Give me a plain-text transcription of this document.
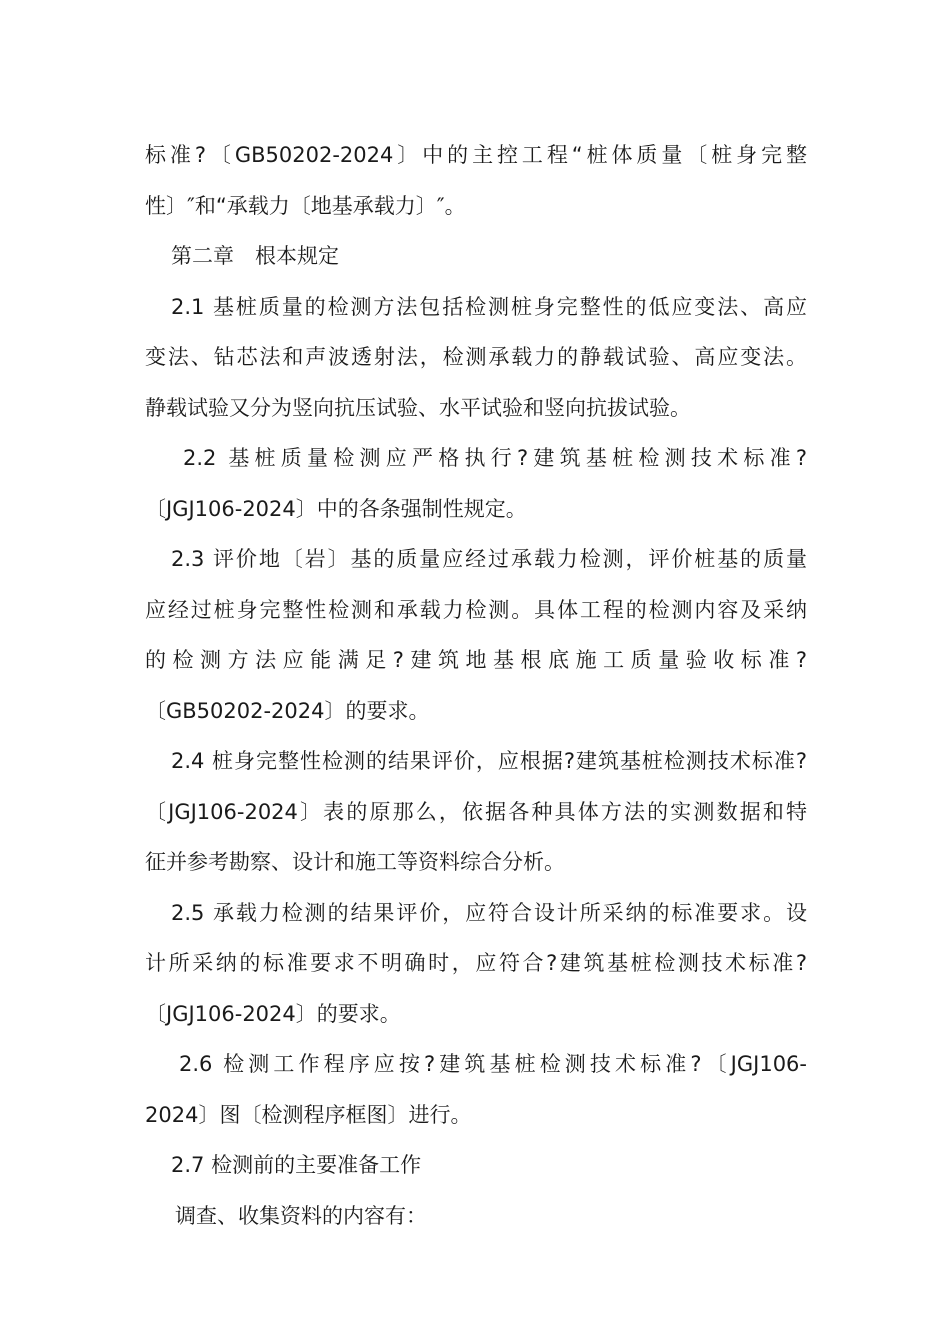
标准?〔GB50202-2024〕中的主控工程“桩体质量〔桩身完整
性〕″和“承载力〔地基承载力〕″。
第二章　根本规定
2.1 基桩质量的检测方法包括检测桩身完整性的低应变法、高应
变法、钻芯法和声波透射法，检测承载力的静载试验、高应变法。
静载试验又分为竖向抗压试验、水平试验和竖向抗拔试验。
2.2 基桩质量检测应严格执行?建筑基桩检测技术标准?
〔JGJ106-2024〕中的各条强制性规定。
2.3 评价地〔岩〕基的质量应经过承载力检测，评价桩基的质量
应经过桩身完整性检测和承载力检测。具体工程的检测内容及采纳
的检测方法应能满足?建筑地基根底施工质量验收标准?
〔GB50202-2024〕的要求。
2.4 桩身完整性检测的结果评价，应根据?建筑基桩检测技术标准?
〔JGJ106-2024〕表的原那么，依据各种具体方法的实测数据和特
征并参考勘察、设计和施工等资料综合分析。
2.5 承载力检测的结果评价，应符合设计所采纳的标准要求。设
计所采纳的标准要求不明确时，应符合?建筑基桩检测技术标准?
〔JGJ106-2024〕的要求。
2.6 检测工作程序应按?建筑基桩检测技术标准?〔JGJ106-
2024〕图〔检测程序框图〕进行。
2.7 检测前的主要准备工作
调查、收集资料的内容有：
